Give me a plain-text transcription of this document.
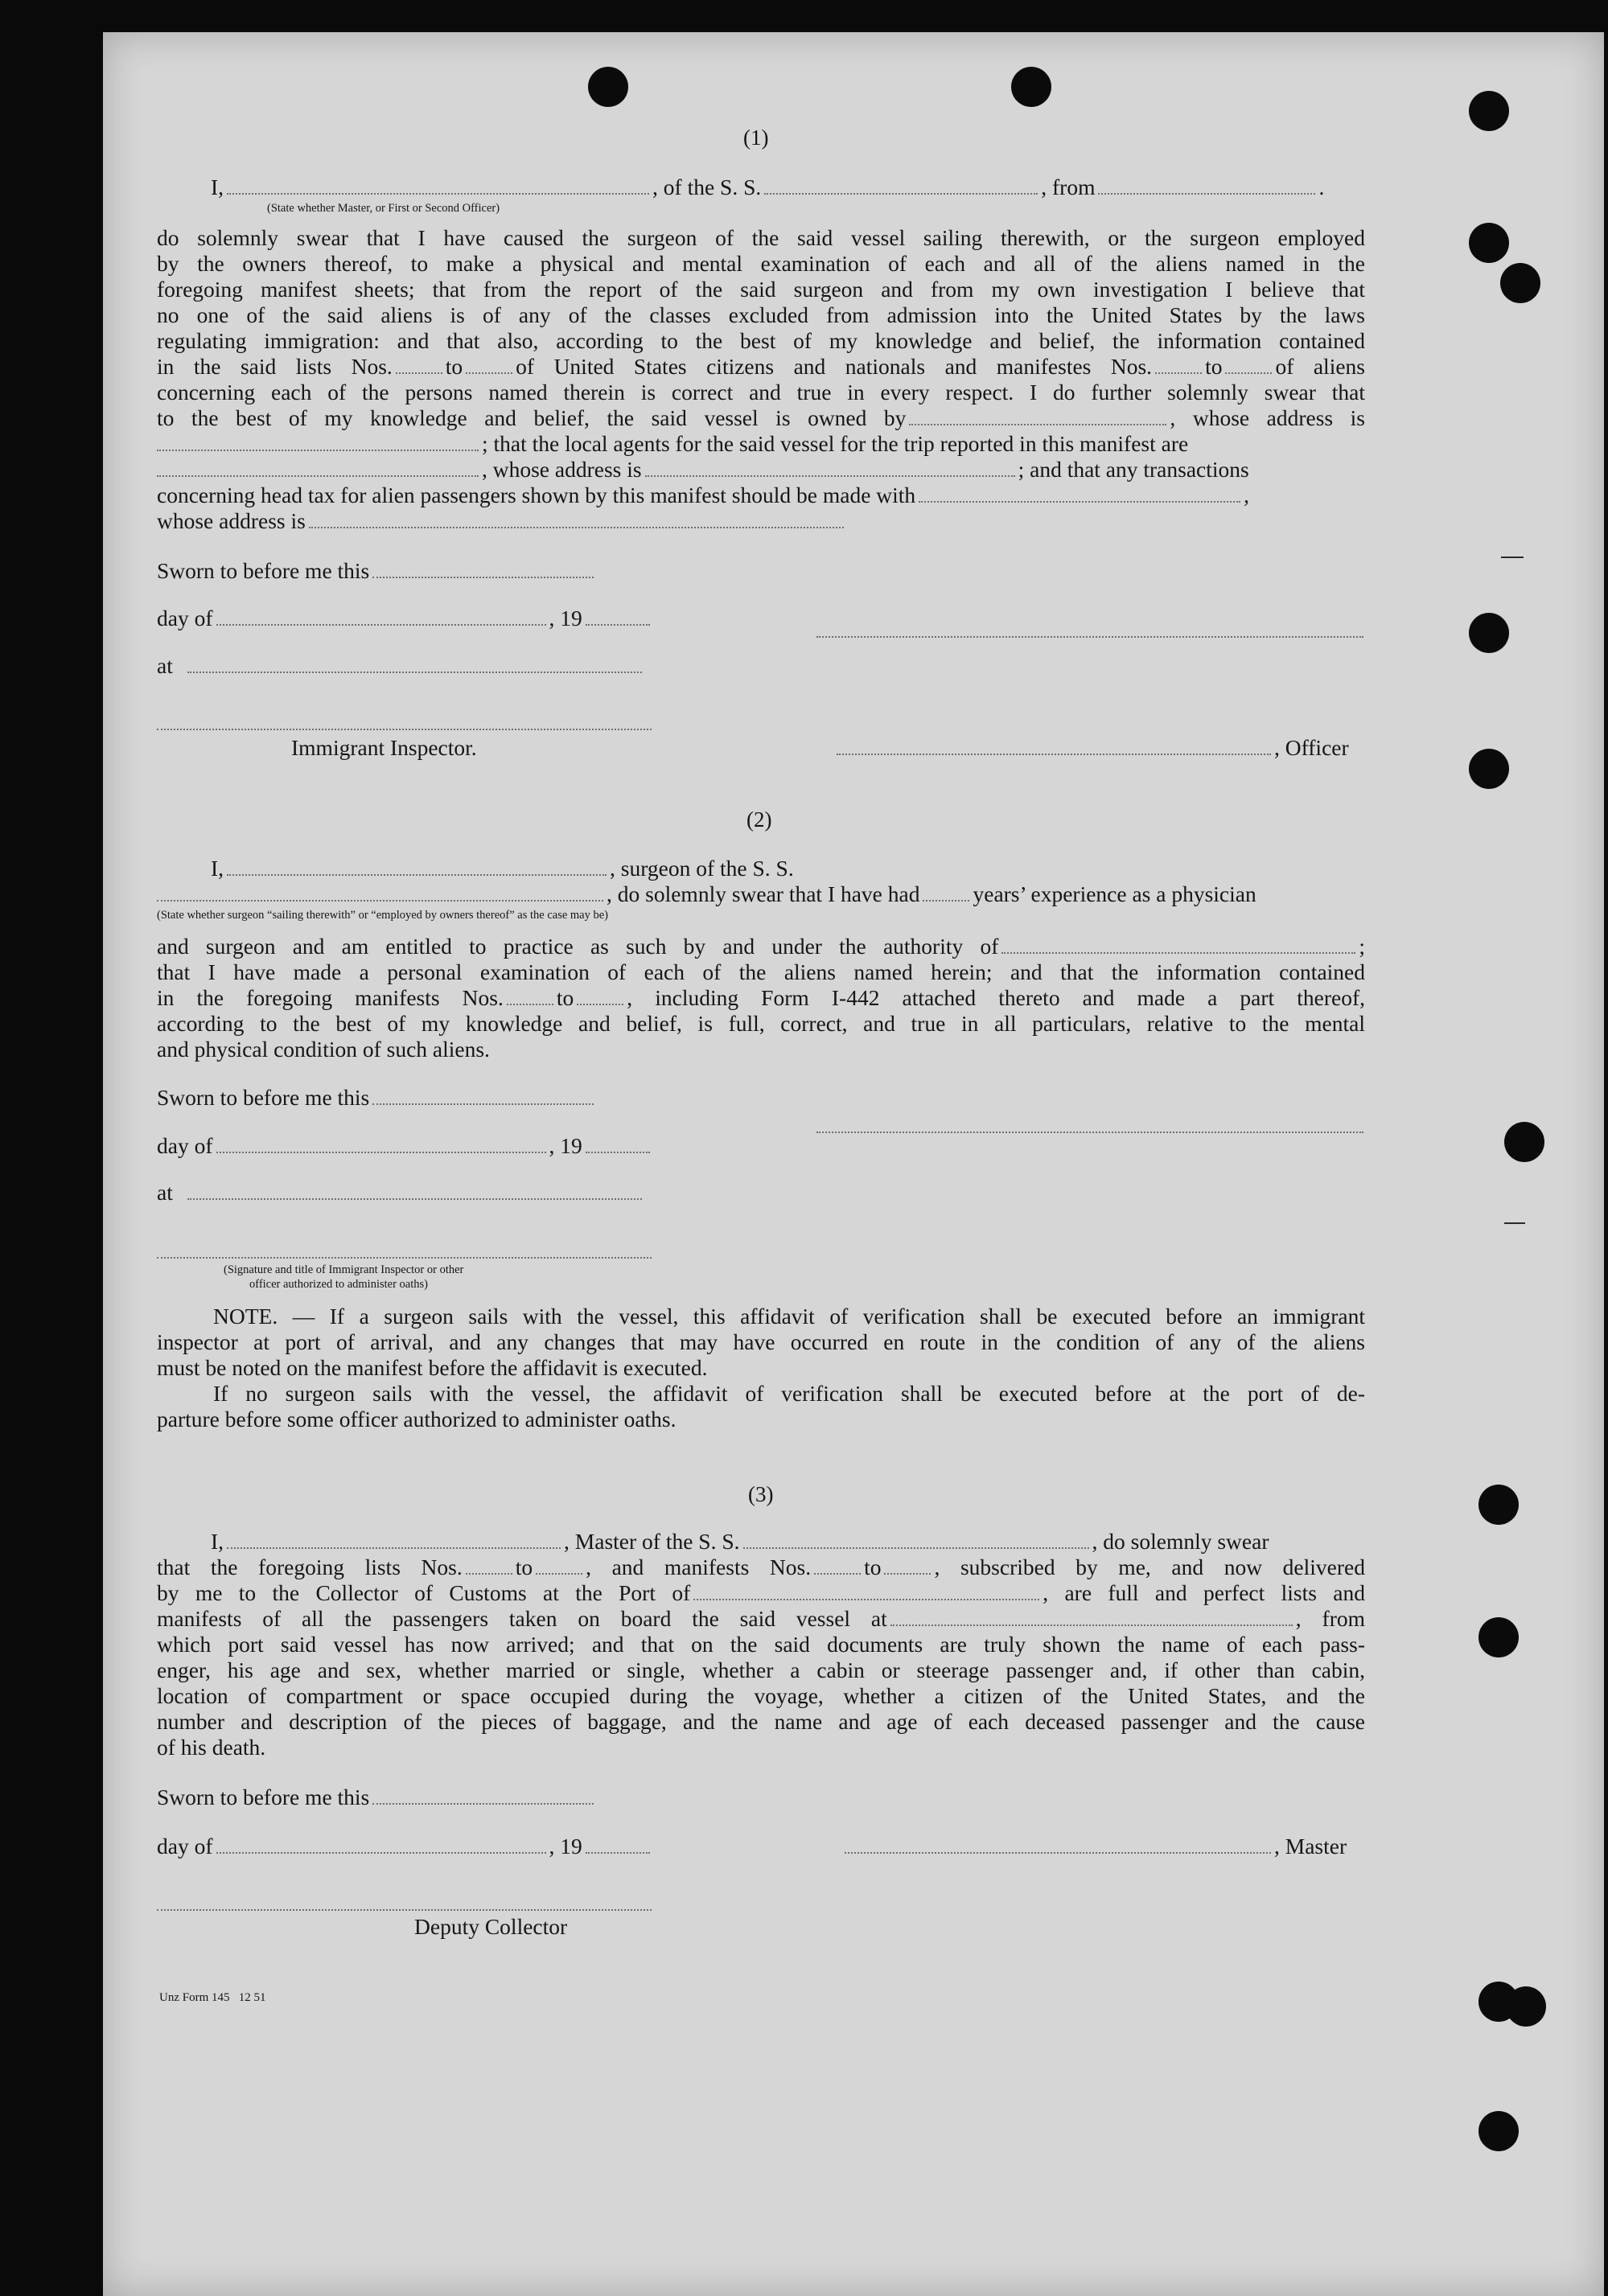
(1)
I,	, of the S. S.	, from	.
(State whether Master, or First or Second Officer)
do solemnly swear that I have caused the surgeon of the said vessel sailing therewith, or the surgeon employed
by the owners thereof, to make a physical and mental examination of each and all of the aliens named in the
foregoing manifest sheets; that from the report of the said surgeon and from my own investigation I believe that
no one of the said aliens is of any of the classes excluded from admission into the United States by the laws
regulating immigration: and that also, according to the best of my knowledge and belief, the information contained
in the said lists Nos. to of United States citizens and nationals and manifestes Nos. to of aliens
concerning each of the persons named therein is correct and true in every respect. I do further solemnly swear that
to the best of my knowledge and belief, the said vessel is owned by	, whose address is
; that the local agents for the said vessel for the trip reported in this manifest are
, whose address is	; and that any transactions
concerning head tax for alien passengers shown by this manifest should be made with	,
whose address is
Sworn to before me this
day of	, 19
at
Immigrant Inspector.	, Officer
(2)
I,	, surgeon of the S. S.
, do solemnly swear that I have had years’ experience as a physician
(State whether surgeon “sailing therewith” or “employed by owners thereof” as the case may be)
and surgeon and am entitled to practice as such by and under the authority of	;
that I have made a personal examination of each of the aliens named herein; and that the information contained
in the foregoing manifests Nos. to , including Form I-442 attached thereto and made a part thereof,
according to the best of my knowledge and belief, is full, correct, and true in all particulars, relative to the mental
and physical condition of such aliens.
Sworn to before me this
day of	, 19
at
(Signature and title of Immigrant Inspector or other
officer authorized to administer oaths)
NOTE. — If a surgeon sails with the vessel, this affidavit of verification shall be executed before an immigrant
inspector at port of arrival, and any changes that may have occurred en route in the condition of any of the aliens
must be noted on the manifest before the affidavit is executed.
If no surgeon sails with the vessel, the affidavit of verification shall be executed before at the port of de-
parture before some officer authorized to administer oaths.
(3)
I,	, Master of the S. S.	, do solemnly swear
that the foregoing lists Nos. to , and manifests Nos. to , subscribed by me, and now delivered
by me to the Collector of Customs at the Port of	, are full and perfect lists and
manifests of all the passengers taken on board the said vessel at	, from
which port said vessel has now arrived; and that on the said documents are truly shown the name of each pass-
enger, his age and sex, whether married or single, whether a cabin or steerage passenger and, if other than cabin,
location of compartment or space occupied during the voyage, whether a citizen of the United States, and the
number and description of the pieces of baggage, and the name and age of each deceased passenger and the cause
of his death.
Sworn to before me this
day of	, 19	, Master
Deputy Collector
Unz Form 145   12 51
